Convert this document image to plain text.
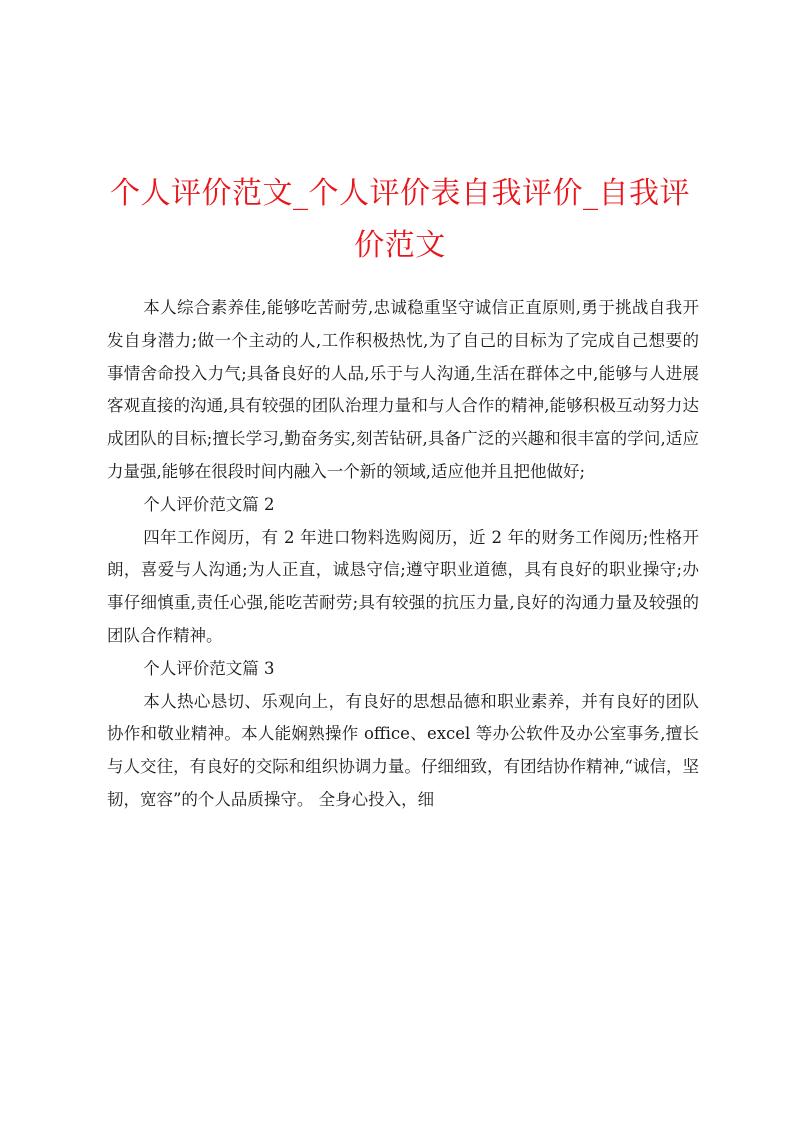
个人评价范文_个人评价表自我评价_自我评价范文

本人综合素养佳,能够吃苦耐劳,忠诚稳重坚守诚信正直原则,勇于挑战自我开发自身潜力;做一个主动的人,工作积极热忱,为了自己的目标为了完成自己想要的事情舍命投入力气;具备良好的人品,乐于与人沟通,生活在群体之中,能够与人进展客观直接的沟通,具有较强的团队治理力量和与人合作的精神,能够积极互动努力达成团队的目标;擅长学习,勤奋务实,刻苦钻研,具备广泛的兴趣和很丰富的学问,适应力量强,能够在很段时间内融入一个新的领域,适应他并且把他做好;

个人评价范文篇 2

四年工作阅历，有 2 年进口物料选购阅历，近 2 年的财务工作阅历;性格开朗，喜爱与人沟通;为人正直，诚恳守信;遵守职业道德，具有良好的职业操守;办事仔细慎重,责任心强,能吃苦耐劳;具有较强的抗压力量,良好的沟通力量及较强的团队合作精神。

个人评价范文篇 3

本人热心恳切、乐观向上，有良好的思想品德和职业素养，并有良好的团队协作和敬业精神。本人能娴熟操作 office、excel 等办公软件及办公室事务,擅长与人交往，有良好的交际和组织协调力量。仔细细致，有团结协作精神,“诚信，坚韧，宽容”的个人品质操守。 全身心投入，细
